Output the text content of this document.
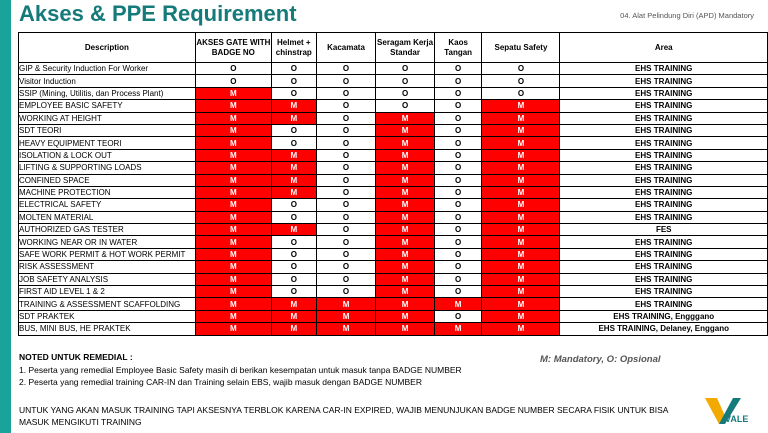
Akses & PPE Requirement	04. Alat Pelindung Diri (APD) Mandatory
Description	AKSES GATE WITH BADGE NO	Helmet + chinstrap	Kacamata	Seragam Kerja Standar	Kaos Tangan	Sepatu Safety	Area
GIP & Security Induction For Worker	O	O	O	O	O	O	EHS TRAINING
Visitor Induction	O	O	O	O	O	O	EHS TRAINING
SSIP (Mining, Utilitis, dan Process Plant)	M	O	O	O	O	O	EHS TRAINING
EMPLOYEE BASIC SAFETY	M	M	O	O	O	M	EHS TRAINING
WORKING AT HEIGHT	M	M	O	M	O	M	EHS TRAINING
SDT TEORI	M	O	O	M	O	M	EHS TRAINING
HEAVY EQUIPMENT TEORI	M	O	O	M	O	M	EHS TRAINING
ISOLATION & LOCK OUT	M	M	O	M	O	M	EHS TRAINING
LIFTING & SUPPORTING LOADS	M	M	O	M	O	M	EHS TRAINING
CONFINED SPACE	M	M	O	M	O	M	EHS TRAINING
MACHINE PROTECTION	M	M	O	M	O	M	EHS TRAINING
ELECTRICAL SAFETY	M	O	O	M	O	M	EHS TRAINING
MOLTEN MATERIAL	M	O	O	M	O	M	EHS TRAINING
AUTHORIZED GAS TESTER	M	M	O	M	O	M	FES
WORKING NEAR OR IN WATER	M	O	O	M	O	M	EHS TRAINING
SAFE WORK PERMIT & HOT WORK PERMIT	M	O	O	M	O	M	EHS TRAINING
RISK ASSESSMENT	M	O	O	M	O	M	EHS TRAINING
JOB SAFETY ANALYSIS	M	O	O	M	O	M	EHS TRAINING
FIRST AID LEVEL 1 & 2	M	O	O	M	O	M	EHS TRAINING
TRAINING & ASSESSMENT SCAFFOLDING	M	M	M	M	M	M	EHS TRAINING
SDT PRAKTEK	M	M	M	M	O	M	EHS TRAINING, Engggano
BUS, MINI BUS, HE PRAKTEK	M	M	M	M	M	M	EHS TRAINING, Delaney, Enggano
M: Mandatory, O: Opsional
NOTED UNTUK REMEDIAL :
1. Peserta yang remedial Employee Basic Safety masih di berikan kesempatan untuk masuk tanpa BADGE NUMBER
2. Peserta yang remedial training CAR-IN dan Training selain EBS, wajib masuk dengan BADGE NUMBER
UNTUK YANG AKAN MASUK TRAINING TAPI AKSESNYA TERBLOK KARENA CAR-IN EXPIRED, WAJIB MENUNJUKAN BADGE NUMBER SECARA FISIK UNTUK BISA MASUK MENGIKUTI TRAINING	VALE
